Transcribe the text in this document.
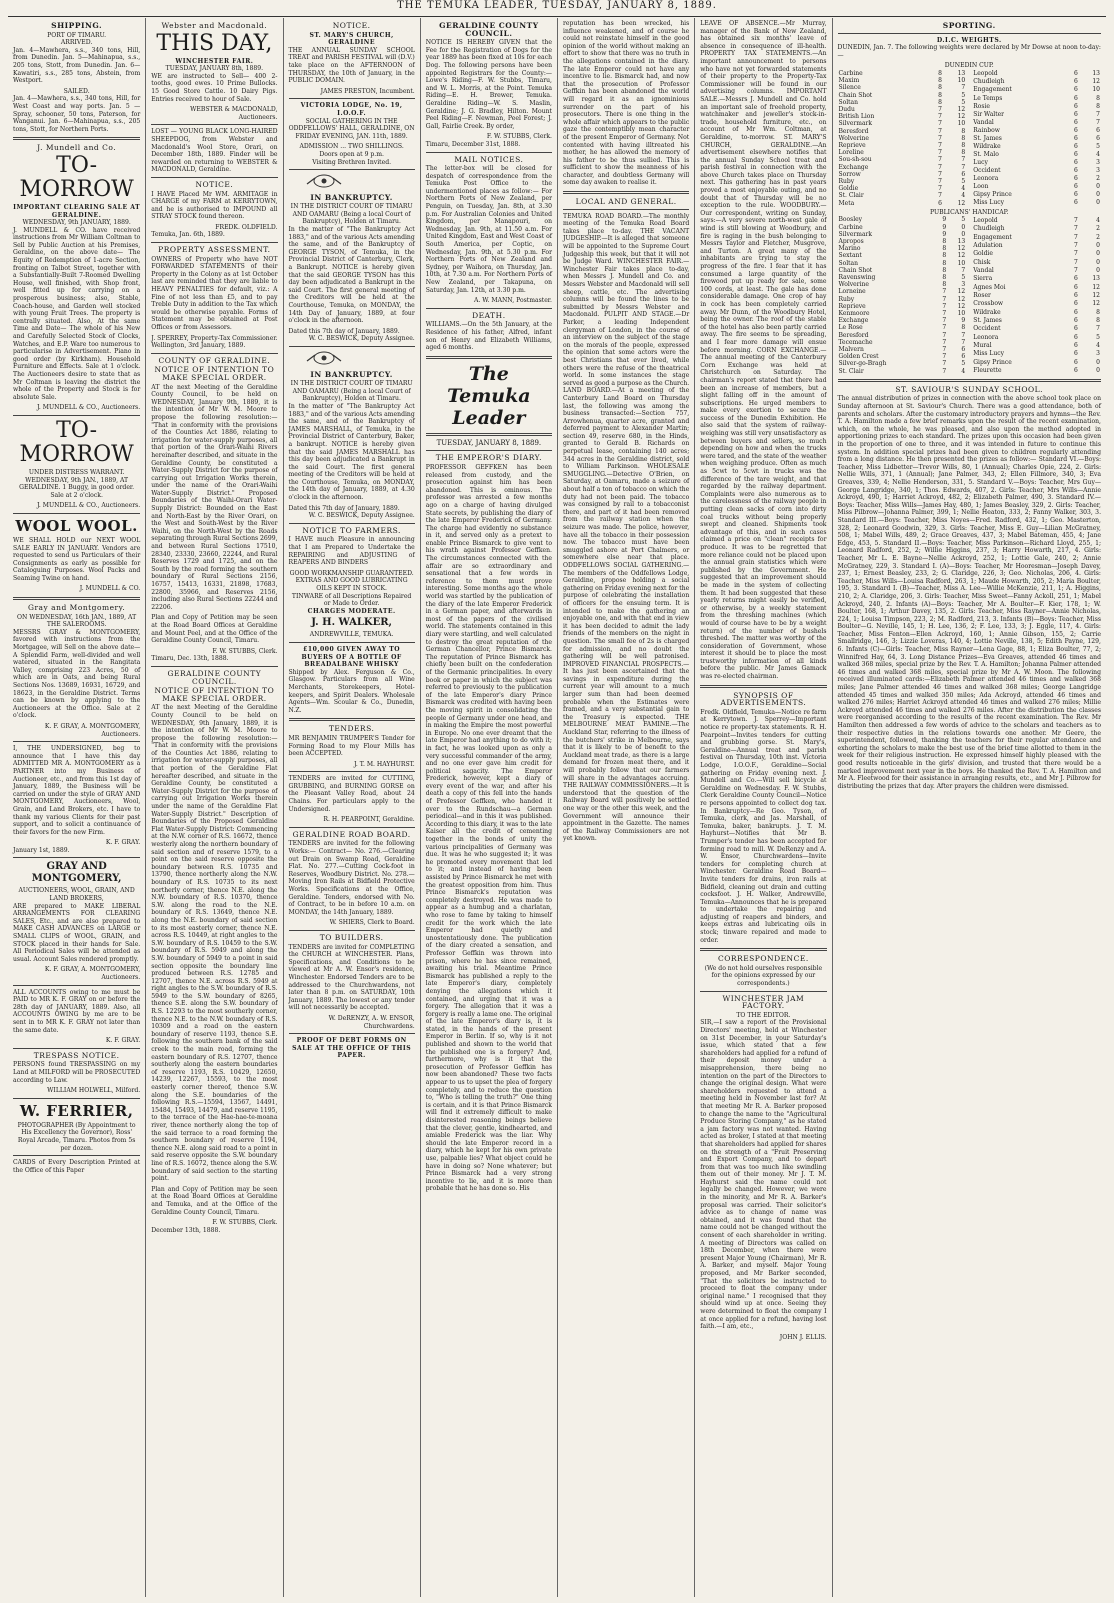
THE TEMUKA LEADER, TUESDAY, JANUARY 8, 1889.
SHIPPING.
PORT OF TIMARU.
ARRIVED.

Jan. 4—Mawhera, s.s., 340 tons, Hill, from Dunedin. Jan. 5—Mahinapua, s.s., 205 tons, Stott, from Dunedin. Jan. 6—Kawatiri, s.s., 285 tons, Abstein, from Westport.

SAILED.

Jan. 4—Mawhera, s.s., 340 tons, Hill, for West Coast and way ports. Jan. 5 — Spray, schooner, 50 tons, Paterson, for Wanganui. Jan. 6—Mahinapua, s.s., 205 tons, Stott, for Northern Ports.

J. Mundell and Co.
TO-MORROW
IMPORTANT CLEARING SALE AT GERALDINE.
WEDNESDAY, 9th JANUARY, 1889.

J. MUNDELL & CO. have received instructions from Mr William Coltman to Sell by Public Auction at his Premises, Geraldine, on the above date— The Equity of Redemption of 1-acre Section, fronting on Talbot Street, together with a Substantially-Built 7-Roomed Dwelling House, well finished, with Shop front, well fitted up for carrying on a prosperous business; also, Stable, Coach-house, and Garden well stocked with young Fruit Trees. The property is centrally situated. Also, At the same Time and Date— The whole of his New and Carefully Selected Stock of Clocks, Watches, and E.P. Ware too numerous to particularise in Advertisement. Piano in good order (by Kirkham). Household Furniture and Effects. Sale at 1 o'clock. The Auctioneers desire to state that as Mr Coltman is leaving the district the whole of the Property and Stock is for absolute Sale.

J. MUNDELL & CO., Auctioneers.
TO-MORROW

UNDER DISTRESS WARRANT. WEDNESDAY, 9th JAN., 1889, AT GERALDINE. 1 Buggy, in good order. Sale at 2 o'clock.

J. MUNDELL & CO., Auctioneers.
WOOL WOOL.

WE SHALL HOLD our NEXT WOOL SALE EARLY IN JANUARY. Vendors are requested to send us Particulars of their Consignments as early as possible for Cataloguing Purposes. Wool Packs and Seaming Twine on hand.

J. MUNDELL & CO.
Gray and Montgomery.
ON WEDNESDAY, 16th JAN., 1889, AT THE SALEROOMS.

MESSRS GRAY & MONTGOMERY, favored with instructions from the Mortgagee, will Sell on the above date— A Splendid Farm, well-divided and well watered, situated in the Rangitata Valley, comprising 223 Acres, 50 of which are in Oats, and being Rural Sections Nos. 13689, 16931, 16729, and 18623, in the Geraldine District. Terms can be known by applying to the Auctioneers at the Office. Sale at 2 o'clock.

K. F. GRAY, A. MONTGOMERY, Auctioneers.

I, THE UNDERSIGNED, beg to announce that I have this day ADMITTED MR A. MONTGOMERY as a PARTNER into my Business of Auctioneer, etc., and from this 1st day of January, 1889, the Business will be carried on under the style of GRAY AND MONTGOMERY, Auctioneers, Wool, Grain, and Land Brokers, etc. I have to thank my various Clients for their past support, and to solicit a continuance of their favors for the new Firm.

K. F. GRAY.
January 1st, 1889.
GRAY AND MONTGOMERY,
AUCTIONEERS, WOOL, GRAIN, AND LAND BROKERS,

ARE prepared to MAKE LIBERAL ARRANGEMENTS FOR CLEARING SALES, Etc., and are also prepared to MAKE CASH ADVANCES on LARGE or SMALL CLIPS of WOOL, GRAIN, and STOCK placed in their hands for Sale. All Periodical Sales will be attended as usual. Account Sales rendered promptly.

K. F. GRAY, A. MONTGOMERY, Auctioneers.

ALL ACCOUNTS owing to me must be PAID to MR K. F. GRAY on or before the 28th day of JANUARY, 1889. Also, all ACCOUNTS OWING by me are to be sent in to MR K. F. GRAY not later than the same date.

K. F. GRAY.
TRESPASS NOTICE.

PERSONS found TRESPASSING on my Land at MILFORD will be PROSECUTED according to Law.

WILLIAM HOLWELL, Milford.
W. FERRIER,

PHOTOGRAPHER (By Appointment to His Excellency the Governor), Ross' Royal Arcade, Timaru. Photos from 5s per dozen.

CARDS of Every Description Printed at the Office of this Paper

Webster and Macdonald.
THIS DAY,
WINCHESTER FAIR.
TUESDAY, JANUARY 8th, 1889.

WE are instructed to Sell— 400 2-tooths, good ewes. 10 Prime Bullocks. 15 Good Store Cattle. 10 Dairy Pigs. Entries received to hour of Sale.

WEBSTER & MACDONALD, Auctioneers.

LOST — YOUNG BLACK LONG-HAIRED SHEEPDOG, from Webster and Macdonald's Wool Store, Orari, on December 18th, 1889. Finder will be rewarded on returning to WEBSTER & MACDONALD, Geraldine.

NOTICE.

I HAVE Placed Mr WM. ARMITAGE in CHARGE of my FARM at KERRYTOWN, and he is authorised to IMPOUND all STRAY STOCK found thereon.

FREDK. OLDFIELD.
Temuka, Jan. 6th, 1889.
PROPERTY ASSESSMENT.

OWNERS of Property who have NOT FORWARDED STATEMENTS of their Property in the Colony as at 1st October last are reminded that they are liable to HEAVY PENALTIES for default, viz.: A Fine of not less than £5, and to pay Treble Duty in addition to the Tax which would be otherwise payable. Forms of Statement may be obtained at Post Offices or from Assessors.

J. SPERREY, Property-Tax Commissioner.
Wellington, 3rd January, 1889.
COUNTY OF GERALDINE.
NOTICE OF INTENTION TO MAKE SPECIAL ORDER.

AT the next Meeting of the Geraldine County Council, to be held on WEDNESDAY, January 9th, 1889, it is the intention of Mr W. M. Moore to propose the following resolution:— "That in conformity with the provisions of the Counties Act 1886, relating to irrigation for water-supply purposes, all that portion of the Orari-Waihi Rivers hereinafter described, and situate in the Geraldine County, be constituted a Water-Supply District for the purpose of carrying out Irrigation Works therein, under the name of the Orari-Waihi Water-Supply District." Proposed Boundaries of the Waihi-Orari Water-Supply District: Bounded on the East and North-East by the River Orari, on the West and South-West by the River Waihi, on the North-West by the Roads separating through Rural Sections 2699, and between Rural Sections 17510, 28340, 23330, 23660, 22244, and Rural Reserves 1729 and 1725, and on the South by the road forming the southern boundary of Rural Sections 2156, 16757, 15413, 16331, 21898, 17683, 22800, 35966, and Reserves 2156, including also Rural Sections 22244 and 22206.

Plan and Copy of Petition may be seen at the Road Board Offices at Geraldine and Mount Peel, and at the Office of the Geraldine County Council, Timaru.

F. W. STUBBS, Clerk.
Timaru, Dec. 13th, 1888.
GERALDINE COUNTY COUNCIL.
NOTICE OF INTENTION TO MAKE SPECIAL ORDER.

AT the next Meeting of the Geraldine County Council to be held on WEDNESDAY, 9th January, 1889, it is the intention of Mr W. M. Moore to propose the following resolution:— "That in conformity with the provisions of the Counties Act 1886, relating to irrigation for water-supply purposes, all that portion of the Geraldine Flat hereafter described, and situate in the Geraldine County, be constituted a Water-Supply District for the purpose of carrying out Irrigation Works therein under the name of the Geraldine Flat Water-Supply District." Description of Boundaries of the Proposed Geraldine Flat Water-Supply District: Commencing at the N.W. corner of R.S. 16672, thence westerly along the northern boundary of said section and of reserve 1579, to a point on the said reserve opposite the boundary between R.S. 10735 and 13790, thence northerly along the N.W. boundary of R.S. 10735 to its next northerly corner, thence N.E. along the N.W. boundary of R.S. 10370, thence S.W. along the road to the N.E. boundary of R.S. 13649, thence N.E. along the N.E. boundary of said section to its most easterly corner, thence N.E. across R.S. 10449, at right angles to the S.W. boundary of R.S. 10459 to the S.W. boundary of R.S. 5949 and along the S.W. boundary of 5949 to a point in said section opposite the boundary line produced between R.S. 12785 and 12707, thence N.E. across R.S. 5949 at right angles to the S.W. boundary of R.S. 5949 to the S.W. boundary of 8265, thence S.E. along the S.W. boundary of R.S. 12293 to the most southerly corner, thence N.E. to the N.W. boundary of R.S. 10309 and a road on the eastern boundary of reserve 1193, thence S.E. following the southern bank of the said creek to the main road, forming the eastern boundary of R.S. 12707, thence southerly along the eastern boundaries of reserve 1193, R.S. 10429, 12650, 14239, 12267, 15593, to the most easterly corner thereof, thence S.W. along the S.E. boundaries of the following R.S.—15594, 13567, 14491, 15484, 15493, 14479, and reserve 1195, to the terrace of the Hae-hae-te-moana river, thence northerly along the top of the said terrace to a road forming the southern boundary of reserve 1194, thence N.E. along said road to a point in said reserve opposite the S.W. boundary line of R.S. 16072, thence along the S.W. boundary of said section to the starting point.

Plan and Copy of Petition may be seen at the Road Board Offices at Geraldine and Temuka, and at the Office of the Geraldine County Council, Timaru.

F. W. STUBBS, Clerk.
December 13th, 1888.
NOTICE.
ST. MARY'S CHURCH, GERALDINE

THE ANNUAL SUNDAY SCHOOL TREAT and PARISH FESTIVAL will (D.V.) take place on the AFTERNOON of THURSDAY, the 10th of January, in the PUBLIC DOMAIN.

JAMES PRESTON, Incumbent.
VICTORIA LODGE, No. 19, I.O.O.F.

SOCIAL GATHERING IN THE ODDFELLOWS' HALL, GERALDINE, ON FRIDAY EVENING, JAN. 11th, 1889.

ADMISSION ... TWO SHILLINGS.
Doors open at 9 p.m.
Visiting Brethren Invited.
IN BANKRUPTCY.
IN THE DISTRICT COURT OF TIMARU AND OAMARU (Being a local Court of Bankruptcy), Holden at Timaru.

In the matter of "The Bankruptcy Act 1883," and of the various Acts amending the same, and of the Bankruptcy of GEORGE TYSON, of Temuka, in the Provincial District of Canterbury, Clerk, a Bankrupt. NOTICE is hereby given that the said GEORGE TYSON has this day been adjudicated a Bankrupt in the said Court. The first general meeting of the Creditors will be held at the Courthouse, Temuka, on MONDAY, the 14th Day of January, 1889, at four o'clock in the afternoon.

Dated this 7th day of January, 1889.
W. C. BESWICK, Deputy Assignee.
IN BANKRUPTCY.
IN THE DISTRICT COURT OF TIMARU AND OAMARU (Being a local Court of Bankruptcy), Holden at Timaru.

In the matter of "The Bankruptcy Act 1883," and of the various Acts amending the same, and of the Bankruptcy of JAMES MARSHALL, of Temuka, in the Provincial District of Canterbury, Baker, a bankrupt. NOTICE is hereby given that the said JAMES MARSHALL has this day been adjudicated a Bankrupt in the said Court. The first general meeting of the Creditors will be held at the Courthouse, Temuka, on MONDAY, the 14th day of January, 1889, at 4.30 o'clock in the afternoon.

Dated this 7th day of January, 1889.
W. C. BESWICK, Deputy Assignee.
NOTICE TO FARMERS.

I HAVE much Pleasure in announcing that I am Prepared to Undertake the REPAIRING and ADJUSTING of REAPERS AND BINDERS

GOOD WORKMANSHIP GUARANTEED.
EXTRAS AND GOOD LUBRICATING OILS KEPT IN STOCK.
TINWARE of all Descriptions Repaired or Made to Order.
CHARGES MODERATE.
J. H. WALKER,
ANDREWVILLE, TEMUKA.
£10,000 GIVEN AWAY TO BUYERS OF A BOTTLE OF BREADALBANE WHISKY

Shipped by Alex. Ferguson & Co., Glasgow. Particulars from all Wine Merchants, Storekeepers, Hotel-keepers, and Spirit Dealers. Wholesale Agents—Wm. Scoular & Co., Dunedin, N.Z.

TENDERS.

MR BENJAMIN TRUMPER'S Tender for Forming Road to my Flour Mills has been ACCEPTED.

J. T. M. HAYHURST.

TENDERS are invited for CUTTING, GRUBBING, and BURNING GORSE on the Pleasant Valley Road, about 24 Chains. For particulars apply to the Undersigned.

R. H. PEARPOINT, Geraldine.
GERALDINE ROAD BOARD.

TENDERS are invited for the following Works:— Contract— No. 276.—Clearing out Drain on Swamp Road, Geraldine Flat. No. 277.—Cutting Cock-foot in Reserves, Woodbury District. No. 278.—Moving Iron Rails at Bidfield Protective Works. Specifications at the Office, Geraldine. Tenders, endorsed with No. of Contract, to be in before 10 a.m. on MONDAY, the 14th January, 1889.

W. SHIERS, Clerk to Board.
TO BUILDERS.

TENDERS are invited for COMPLETING the CHURCH at WINCHESTER. Plans, Specifications, and Conditions to be viewed at Mr A. W. Ensor's residence, Winchester. Endorsed Tenders are to be addressed to the Churchwardens, not later than 8 p.m. on SATURDAY, 10th January, 1889. The lowest or any tender will not necessarily be accepted.

W. DeRENZY, A. W. ENSOR, Churchwardens.

PROOF OF DEBT FORMS ON SALE AT THE OFFICE OF THIS PAPER.

GERALDINE COUNTY COUNCIL.

NOTICE IS HEREBY GIVEN that the Fee for the Registration of Dogs for the year 1889 has been fixed at 10s for each Dog. The following persons have been appointed Registrars for the County:— Lowe's Riding—F. W. Stubbs, Timaru, and W. L. Morris, at the Point. Temuka Riding—E. H. Brewer, Temuka. Geraldine Riding—W. S. Maslin, Geraldine; J. G. Bradley, Hilton. Mount Peel Riding—F. Newman, Peel Forest; J. Gall, Fairlie Creek. By order,

F. W. STUBBS, Clerk.
Timaru, December 31st, 1888.
MAIL NOTICES.

The letter-box will be closed for despatch of correspondence from the Temuka Post Office to the undermentioned places as follow:— For Northern Ports of New Zealand, per Penguin, on Tuesday, Jan. 8th, at 3.30 p.m. For Australian Colonies and United Kingdom, per Manapouri, on Wednesday, Jan. 9th, at 11.50 a.m. For United Kingdom, East and West Coast of South America, per Coptic, on Wednesday, Jan. 9th, at 5.30 p.m. For Northern Ports of New Zealand and Sydney, per Waihora, on Thursday, Jan. 10th, at 7.30 a.m. For Northern Ports of New Zealand, per Takapuna, on Saturday, Jan. 12th, at 3.30 p.m.

A. W. MANN, Postmaster.
DEATH.

WILLIAMS.—On the 5th January, at the Residence of his father, Alfred, infant son of Henry and Elizabeth Williams, aged 6 months.

The Temuka Leader
TUESDAY, JANUARY 8, 1889.
THE EMPEROR'S DIARY.

PROFESSOR GEFFKEN has been released from custody, and the prosecution against him has been abandoned. This is ominous. The professor was arrested a few months ago on a charge of having divulged State secrets, by publishing the diary of the late Emperor Frederick of Germany. The charge had evidently no substance in it, and served only as a pretext to enable Prince Bismarck to give vent to his wrath against Professor Geffken. The circumstances connected with the affair are so extraordinary and sensational that a few words in reference to them must prove interesting. Some months ago the whole world was startled by the publication of the diary of the late Emperor Frederick in a German paper, and afterwards in most of the papers of the civilised world. The statements contained in this diary were startling, and well calculated to destroy the great reputation of the German Chancellor, Prince Bismarck. The reputation of Prince Bismarck has chiefly been built on the confederation of the Germanic principalities. In every book or paper in which the subject was referred to previously to the publication of the late Emperor's diary Prince Bismarck was credited with having been the moving spirit in consolidating the people of Germany under one head, and in making the Empire the most powerful in Europe. No one ever dreamt that the late Emperor had anything to do with it; in fact, he was looked upon as only a very successful commander of the army, and no one ever gave him credit for political sagacity. The Emperor Frederick, however, kept a diary of every event of the war, and after his death a copy of this fell into the hands of Professor Geffken, who handed it over to the Rundschau—a German periodical—and in this it was published. According to this diary, it was to the late Kaiser all the credit of cementing together in the bonds of unity the various principalities of Germany was due. It was he who suggested it; it was he promoted every movement that led to it; and instead of having been assisted by Prince Bismarck he met with the greatest opposition from him. Thus Prince Bismarck's reputation was completely destroyed. He was made to appear as a humbug and a charlatan, who rose to fame by taking to himself credit for the work which the late Emperor had quietly and unostentatiously done. The publication of the diary created a sensation, and Professor Geffkin was thrown into prison, where he has since remained, awaiting his trial. Meantime Prince Bismarck has published a reply to the late Emperor's diary, completely denying the allegations which it contained, and urging that it was a forgery. The allegation that it was a forgery is really a lame one. The original of the late Emperor's diary is, it is stated, in the hands of the present Emperor in Berlin. If so, why is it not published and shown to the world that the published one is a forgery? And, furthermore, why is it that the prosecution of Professor Geffkin has now been abandoned? These two facts appear to us to upset the plea of forgery completely, and to reduce the question to, "Who is telling the truth?" One thing is certain, and it is that Prince Bismarck will find it extremely difficult to make disinterested reasoning beings believe that the clever, gentle, kindhearted, and amiable Frederick was the liar. Why should the late Emperor record in a diary, which he kept for his own private use, palpable lies? What object could he have in doing so? None whatever; but Prince Bismarck had a very strong incentive to lie, and it is more than probable that he has done so. His

reputation has been wrecked, his influence weakened, and of course he could not reinstate himself in the good opinion of the world without making an effort to show that there was no truth in the allegations contained in the diary. The late Emperor could not have any incentive to lie. Bismarck had, and now that the prosecution of Professor Geffkin has been abandoned the world will regard it as an ignominious surrender on the part of his prosecutors. There is one thing in the whole affair which appears to the public gaze the contemptibly mean character of the present Emperor of Germany. Not contented with having illtreated his mother, he has allowed the memory of his father to be thus sullied. This is sufficient to show the meanness of his character, and doubtless Germany will some day awaken to realise it.

LOCAL AND GENERAL.

TEMUKA ROAD BOARD.—The monthly meeting of the Temuka Road Board takes place to-day. THE VACANT JUDGESHIP.—It is alleged that someone will be appointed to the Supreme Court Judgeship this week, but that it will not be Judge Ward. WINCHESTER FAIR.—Winchester Fair takes place to-day, when Messrs J. Mundell and Co. and Messrs Webster and Macdonald will sell sheep, cattle, etc. The advertising columns will be found the lines to be submitted by Messrs Webster and Macdonald. PULPIT AND STAGE.—Dr Parker, a leading Independent clergyman of London, in the course of an interview on the subject of the stage on the morals of the people, expressed the opinion that some actors were the best Christians that ever lived, while others were the refuse of the theatrical world. In some instances the stage served as good a purpose as the Church. LAND BOARD.—At a meeting of the Canterbury Land Board on Thursday last, the following was among the business transacted:—Section 757, Arrowhenua, quarter acre, granted and deferred payment to Alexander Martin; section 49, reserve 680, in the Hinds, granted to Gerald B. Richards on perpetual lease, containing 140 acres; 344 acres in the Geraldine district, sold to William Parkinson. WHOLESALE SMUGGLING.—Detective O'Brien, on Saturday, at Oamaru, made a seizure of about half a ton of tobacco on which the duty had not been paid. The tobacco was consigned by rail to a tobacconist there, and part of it had been removed from the railway station when the seizure was made. The police, however, have all the tobacco in their possession now. The tobacco must have been smuggled ashore at Port Chalmers, or somewhere else near that place. ODDFELLOWS SOCIAL GATHERING.—The members of the Oddfellows Lodge, Geraldine, propose holding a social gathering on Friday evening next for the purpose of celebrating the installation of officers for the ensuing term. It is intended to make the gathering an enjoyable one, and with that end in view it has been decided to admit the lady friends of the members on the night in question. The small fee of 2s is charged for admission, and no doubt the gathering will be well patronised. IMPROVED FINANCIAL PROSPECTS.—It has just been ascertained that the savings in expenditure during the current year will amount to a much larger sum than had been deemed probable when the Estimates were framed, and a very substantial gain to the Treasury is expected. THE MELBOURNE MEAT FAMINE.—The Auckland Star, referring to the illness of the butchers' strike in Melbourne, says that it is likely to be of benefit to the Auckland meat trade, as there is a large demand for frozen meat there, and it will probably follow that our farmers will share in the advantages accruing. THE RAILWAY COMMISSIONERS.—It is understood that the question of the Railway Board will positively be settled one way or the other this week, and the Government will announce their appointment in the Gazette. The names of the Railway Commissioners are not yet known.

LEAVE OF ABSENCE.—Mr Murray, manager of the Bank of New Zealand, has obtained six months' leave of absence in consequence of ill-health. PROPERTY TAX STATEMENTS.—An important announcement to persons who have not yet forwarded statements of their property to the Property-Tax Commissioner will be found in our advertising columns. IMPORTANT SALE.—Messrs J. Mundell and Co. hold an important sale of freehold property, watchmaker and jeweller's stock-in-trade, household furniture, etc., on account of Mr Wm. Coltman, at Geraldine, to-morrow. ST. MARY'S CHURCH, GERALDINE.—An advertisement elsewhere notifies that the annual Sunday School treat and parish festival in connection with the above Church takes place on Thursday next. This gathering has in past years proved a most enjoyable outing, and no doubt that of Thursday will be no exception to the rule. WOODBURY.—Our correspondent, writing on Sunday, says:—A very severe north-west gale of wind is still blowing at Woodbury, and fire is raging in the bush belonging to Messrs Taylor and Fletcher, Musgrove, and Turton. A great many of the inhabitants are trying to stay the progress of the fire. I fear that it has consumed a large quantity of the firewood put up ready for sale, some 100 cords, at least. The gale has done considerable damage. One crop of hay in cock has been completely carried away. Mr Dunn, of the Woodbury Hotel, being the owner. The roof of the stable of the hotel has also been partly carried away. The fire seems to be spreading, and I fear more damage will ensue before morning. CORN EXCHANGE.—The annual meeting of the Canterbury Corn Exchange was held at Christchurch on Saturday. The chairman's report stated that there had been an increase of members, but a slight falling off in the amount of subscriptions. He urged members to make every exertion to secure the success of the Dunedin Exhibition. He also said that the system of railway-weighing was still very unsatisfactory as between buyers and sellers, so much depending on how and when the trucks were tared, and the state of the weather when weighing produce. Often as much as 5cwt to 5cwt in trucks was the difference of the tare weight, and that regarded by the railway department. Complaints were also numerous as to the carelessness of the railway people in putting clean sacks of corn into dirty coal trucks without being properly swept and cleaned. Shipments took advantage of this, and in such cases claimed a price on "clean" receipts for produce. It was to be regretted that more reliance could not be placed upon the annual grain statistics which were published by the Government. He suggested that an improvement should be made in the system of collecting them. It had been suggested that these yearly returns might easily be verified, or otherwise, by a weekly statement from the threshing machines (which would of course have to be by a weight return) of the number of bushels threshed. The matter was worthy of the consideration of Government, whose interest it should be to place the most trustworthy information of all kinds before the public. Mr James Gamack was re-elected chairman.

SYNOPSIS OF ADVERTISEMENTS.

Fredk. Oldfield, Temuka—Notice re farm at Kerrytown. J. Sperrey—Important notice re property-tax statements. R. H. Pearpoint—Invites tenders for cutting and grubbing gorse. St. Mary's, Geraldine—Annual treat and parish festival on Thursday, 10th inst. Victoria Lodge, I.O.O.F., Geraldine—Social gathering on Friday evening next. J. Mundell and Co.—Will sell bicycle at Geraldine on Wednesday. F. W. Stubbs, Clerk Geraldine County Council—Notice re persons appointed to collect dog tax. In Bankruptcy—Re Geo. Tyson, of Temuka, clerk, and Jas. Marshall, of Temuka, baker, bankrupts. J. T. M. Hayhurst—Notifies that Mr B. Trumper's tender has been accepted for forming road to mill. W. DeRenzy and A. W. Ensor, Churchwardens—Invite tenders for completing church at Winchester. Geraldine Road Board—Invite tenders for drains, iron rails at Bidfield, cleaning out drain and cutting cocksfoot. J. H. Walker, Andrewville, Temuka—Announces that he is prepared to undertake the repairing and adjusting of reapers and binders, and keeps extras and lubricating oils in stock; tinware repaired and made to order.

CORRESPONDENCE.
(We do not hold ourselves responsible for the opinions expressed by our correspondents.)
WINCHESTER JAM FACTORY.
TO THE EDITOR.

SIR,—I saw a report of the Provisional Directors' meeting, held at Winchester on 31st December, in your Saturday's issue, which stated that a few shareholders had applied for a refund of their deposit money under a misapprehension, there being no intention on the part of the Directors to change the original design. What were shareholders requested to attend a meeting held in November last for? At that meeting Mr R. A. Barker proposed to change the name to the "Agricultural Produce Storing Company," as he stated a jam factory was not wanted. Having acted as broker, I stated at that meeting that shareholders had applied for shares on the strength of a "Fruit Preserving and Export Company, and to depart from that was too much like swindling them out of their money. Mr J. T. M. Hayhurst said the name could not legally be changed. However, we were in the minority, and Mr R. A. Barker's proposal was carried. Their solicitor's advice as to change of name was obtained, and it was found that the name could not be changed without the consent of each shareholder in writing. A meeting of Directors was called on 18th December, when there were present Major Young (Chairman), Mr R. A. Barker, and myself. Major Young proposed, and Mr Barker seconded, "That the solicitors be instructed to proceed to float the company under original name." I recognised that they should wind up at once. Seeing they were determined to float the company I at once applied for a refund, having lost faith.—I am, etc.,

JOHN J. ELLIS.
SPORTING.
D.I.C. WEIGHTS.

DUNEDIN, Jan. 7. The following weights were declared by Mr Dowse at noon to-day:—

DUNEDIN CUP.
Carbine	8	13
Maxim	8	10
Silence	8	7
Chain Shot	8	5
Soltan	8	5
Dudu	7	12
British Lion	7	12
Silvermark	7	10
Beresford	7	8
Wolverine	7	8
Reprieve	7	8
Loreline	7	8
Sou-sh-sou	7	7
Exchange	7	7
Sorrow	7	6
Ruby	7	5
Goldie	7	4
St. Clair	7	4
Meta	6	12
Leopold	6	13
Chudleigh	6	12
Engagement	6	10
Le Temps	6	8
Rosie	6	8
Sir Walter	6	7
Vandal	6	7
Rainbow	6	6
St. James	6	6
Wildrake	6	5
St. Malo	6	4
Lucy	6	3
Occident	6	3
Leonora	6	2
Loon	6	0
Gipsy Prince	6	0
Miss Lucy	6	0
PUBLICANS' HANDICAP.
Boosley	9	5
Carbine	9	0
Silvermark	9	0
Apropos	8	13
Marino	8	12
Sextant	8	12
Soltan	8	10
Chain Shot	8	7
Ravenswing	8	5
Wolverine	8	3
Lorneine	7	12
Ruby	7	12
Reprieve	7	12
Kenmoore	7	10
Exchange	7	9
Le Rose	7	8
Beresford	7	7
Tecemache	7	7
Malvern	7	6
Golden Crest	7	6
Silver-go-Bragh	7	5
St. Clair	7	4
Leopold	7	4
Chudleigh	7	2
Engagement	7	2
Adulation	7	0
Goldie	7	0
Chisk	7	0
Vandal	7	0
Sierra	6	13
Agnes Moi	6	12
Roser	6	12
Crossbow	6	12
Wildrake	6	8
St. James	6	8
Occident	6	7
Leonora	6	5
Mural	6	4
Miss Lucy	6	3
Gipsy Prince	6	0
Fleurette	6	0
ST. SAVIOUR'S SUNDAY SCHOOL.

The annual distribution of prizes in connection with the above school took place on Sunday afternoon at St. Saviour's Church. There was a good attendance, both of parents and scholars. After the customary introductory prayers and hymns—the Rev. T. A. Hamilton made a few brief remarks upon the result of the recent examination, which, on the whole, he was pleased, and also upon the method adopted in apportioning prizes to each standard. The prizes upon this occasion had been given in the proportion of one to three, and it was intended in future to continue this system. In addition special prizes had been given to children regularly attending from a long distance. He then presented the prizes as follow:— Standard VI.—Boys: Teacher, Miss Lidbetter—Trevor Wills, 80, 1 (Annual); Charles Opie, 224, 2. Girls: Nellie Wills, 371, 1 (Annual); Jane Palmer, 343, 2; Ellen Fillmore, 340, 3; Eva Greaves, 339, 4; Nellie Henderson, 331, 5. Standard V.—Boys: Teacher, Mrs Guy—George Langridge, 340, 1; Thos. Edwards, 407, 2. Girls: Teacher, Mrs Wills—Annie Ackroyd, 490, 1; Harriet Ackroyd, 482, 2; Elizabeth Palmer, 490, 3. Standard IV.—Boys: Teacher, Miss Wills—James Hay, 480, 1; James Beasley, 329, 2. Girls: Teacher, Miss Pilbrow—Johanna Palmer, 399, 1; Nellie Heaton, 333, 2; Fanny Walker, 303, 3. Standard III.—Boys: Teacher, Miss Noyes—Fred. Radford, 432, 1; Geo. Masterton, 328, 2; Leonard Goodwin, 329, 3. Girls: Teacher, Miss E. Guy—Lilian McGratney, 508, 1; Mabel Wills, 489, 2; Grace Greaves, 437, 3; Mabel Bateman, 455, 4; Jane Edge, 453, 5. Standard II.—Boys: Teacher, Miss Parkinson—Richard Lloyd, 255, 1; Leonard Radford, 252, 2; Willie Higgins, 237, 3; Harry Howarth, 217, 4. Girls: Teacher, Mr L. E. Bayne—Nellie Ackroyd, 252, 1; Lottie Gale, 240, 2; Annie McGratney, 229, 3. Standard I. (A)—Boys: Teacher, Mr Hooresman—Joseph Davey, 237, 1; Ernest Beasley, 233, 2; G. Claridge, 226, 3; Geo. Nicholas, 206, 4. Girls: Teacher, Miss Wills—Louisa Radford, 263, 1; Maude Howarth, 205, 2; Maria Boulter, 195, 3. Standard I. (B)—Teacher, Miss A. Lee—Willie McKenzie, 211, 1; A. Higgins, 210, 2; A. Claridge, 206, 3. Girls: Teacher, Miss Sweet—Fanny Ackoll, 251, 1; Mabel Ackroyd, 240, 2. Infants (A)—Boys: Teacher, Mr A. Boulter—F. Kier, 178, 1; W. Boulter, 168, 1; Arthur Davey, 135, 2. Girls: Teacher, Miss Rayner—Annie Nicholas, 224, 1; Louisa Timpson, 223, 2; M. Radford, 213, 3. Infants (B)—Boys: Teacher, Miss Boulter—G. Neville, 145, 1; H. Lee, 136, 2; F. Lee, 133, 3; J. Eggle, 117, 4. Girls: Teacher, Miss Fenton—Ellen Ackroyd, 160, 1; Annie Gibson, 155, 2; Carrie Smallridge, 146, 3; Lizzie Loveras, 140, 4; Lottie Neville, 138, 5; Edith Payne, 129, 6. Infants (C)—Girls: Teacher, Miss Rayner—Lena Gage, 88, 1; Eliza Boulter, 77, 2; Winnifred Hay, 64, 3. Long Distance Prizes—Eva Greaves, attended 46 times and walked 368 miles, special prize by the Rev. T. A. Hamilton; Johanna Palmer attended 46 times and walked 368 miles, special prize by Mr A. W. Moon. The following received illuminated cards:—Elizabeth Palmer attended 46 times and walked 368 miles; Jane Palmer attended 46 times and walked 368 miles; George Langridge attended 45 times and walked 350 miles; Ada Ackroyd, attended 46 times and walked 276 miles; Harriet Ackroyd attended 46 times and walked 276 miles; Millie Ackroyd attended 46 times and walked 276 miles. After the distribution the classes were reorganised according to the results of the recent examination. The Rev. Mr Hamilton then addressed a few words of advice to the scholars and teachers as to their respective duties in the relations towards one another. Mr Geere, the superintendent, followed, thanking the teachers for their regular attendance and exhorting the scholars to make the best use of the brief time allotted to them in the week for their religious instruction. He expressed himself highly pleased with the good results noticeable in the girls' division, and trusted that there would be a marked improvement next year in the boys. He thanked the Rev. T. A. Hamilton and Mr A. Fleetwood for their assistance in arranging results, etc., and Mr J. Pilbrow for distributing the prizes that day. After prayers the children were dismissed.
